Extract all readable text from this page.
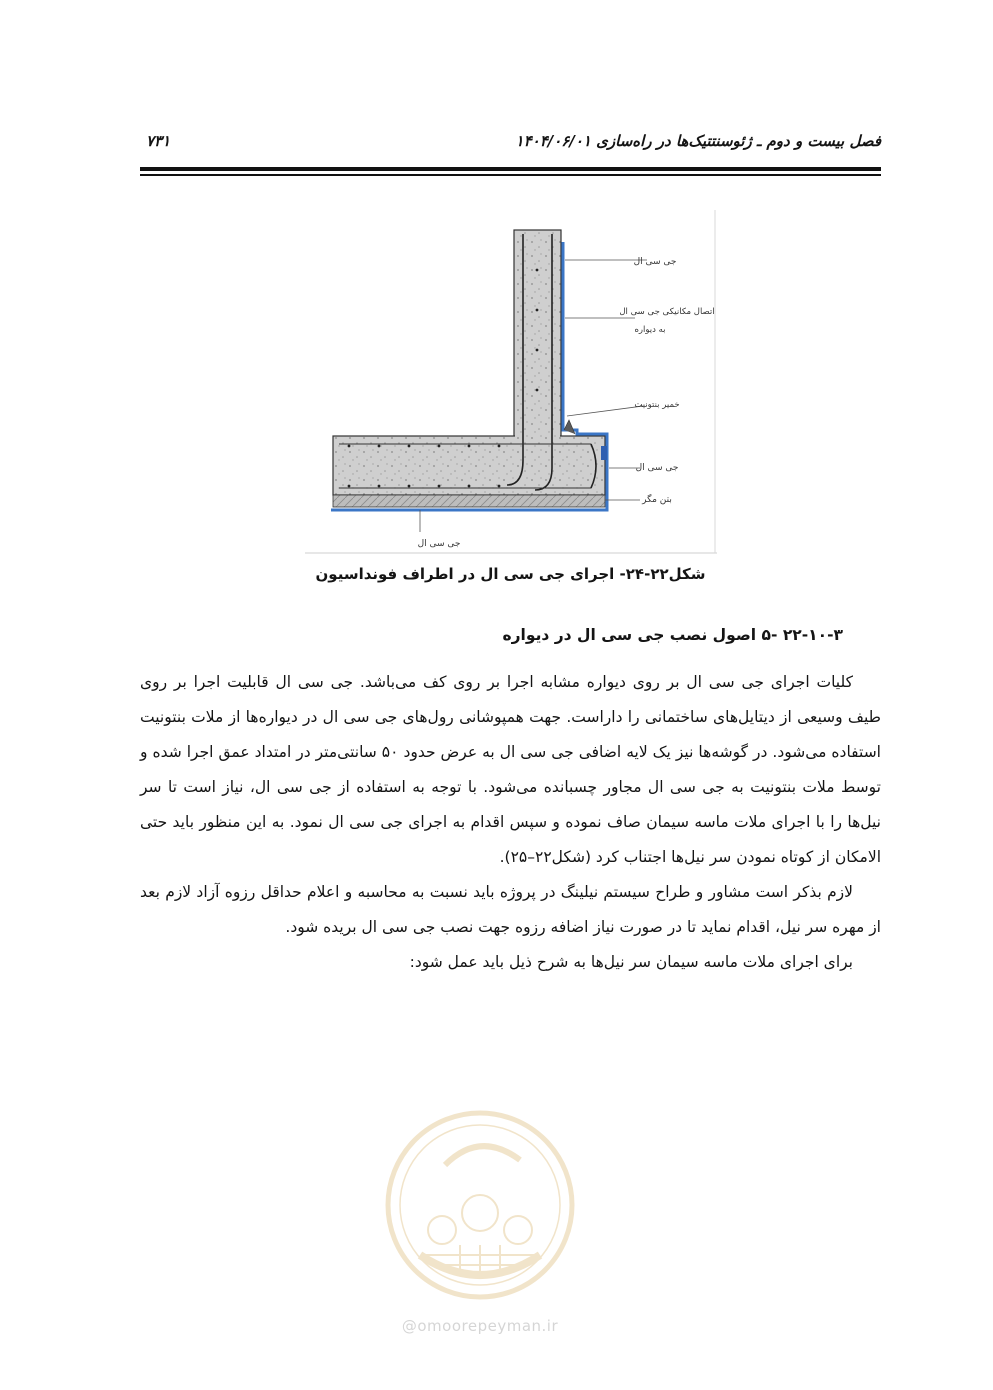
فصل بیست و دوم ـ ژئوسنتتیک‌ها در راه‌سازی ۱۴۰۴/۰۶/۰۱
۷۳۱
جی سی ال
اتصال مکانیکی جی سی ال
به دیواره
خمیر بنتونیت
جی سی ال
بتن مگر
جی سی ال
شکل۲۲-۲۴- اجرای جی سی ال در اطراف فونداسیون
۲۲-۱۰-۳ -۵ اصول نصب جی سی ال در دیواره

کلیات اجرای جی سی ال بر روی دیواره مشابه اجرا بر روی کف می‌باشد. جی سی ال قابلیت اجرا بر روی طیف وسیعی از دیتایل‌های ساختمانی را داراست. جهت همپوشانی رول‌های جی سی ال در دیواره‌ها از ملات بنتونیت استفاده می‌شود. در گوشه‌ها نیز یک لایه اضافی جی سی ال به عرض حدود ۵۰ سانتی‌متر در امتداد عمق اجرا شده و توسط ملات بنتونیت به جی سی ال مجاور چسبانده می‌شود. با توجه به استفاده از جی سی ال، نیاز است تا سر نیل‌ها را با اجرای ملات ماسه سیمان صاف نموده و سپس اقدام به اجرای جی سی ال نمود. به این منظور باید حتی الامکان از کوتاه نمودن سر نیل‌ها اجتناب کرد (شکل۲۲–۲۵).

لازم بذکر است مشاور و طراح سیستم نیلینگ در پروژه باید نسبت به محاسبه و اعلام حداقل رزوه آزاد لازم بعد از مهره سر نیل، اقدام نماید تا در صورت نیاز اضافه رزوه جهت نصب جی سی ال بریده شود.

برای اجرای ملات ماسه سیمان سر نیل‌ها به شرح ذیل باید عمل شود:

@omoorepeyman.ir
